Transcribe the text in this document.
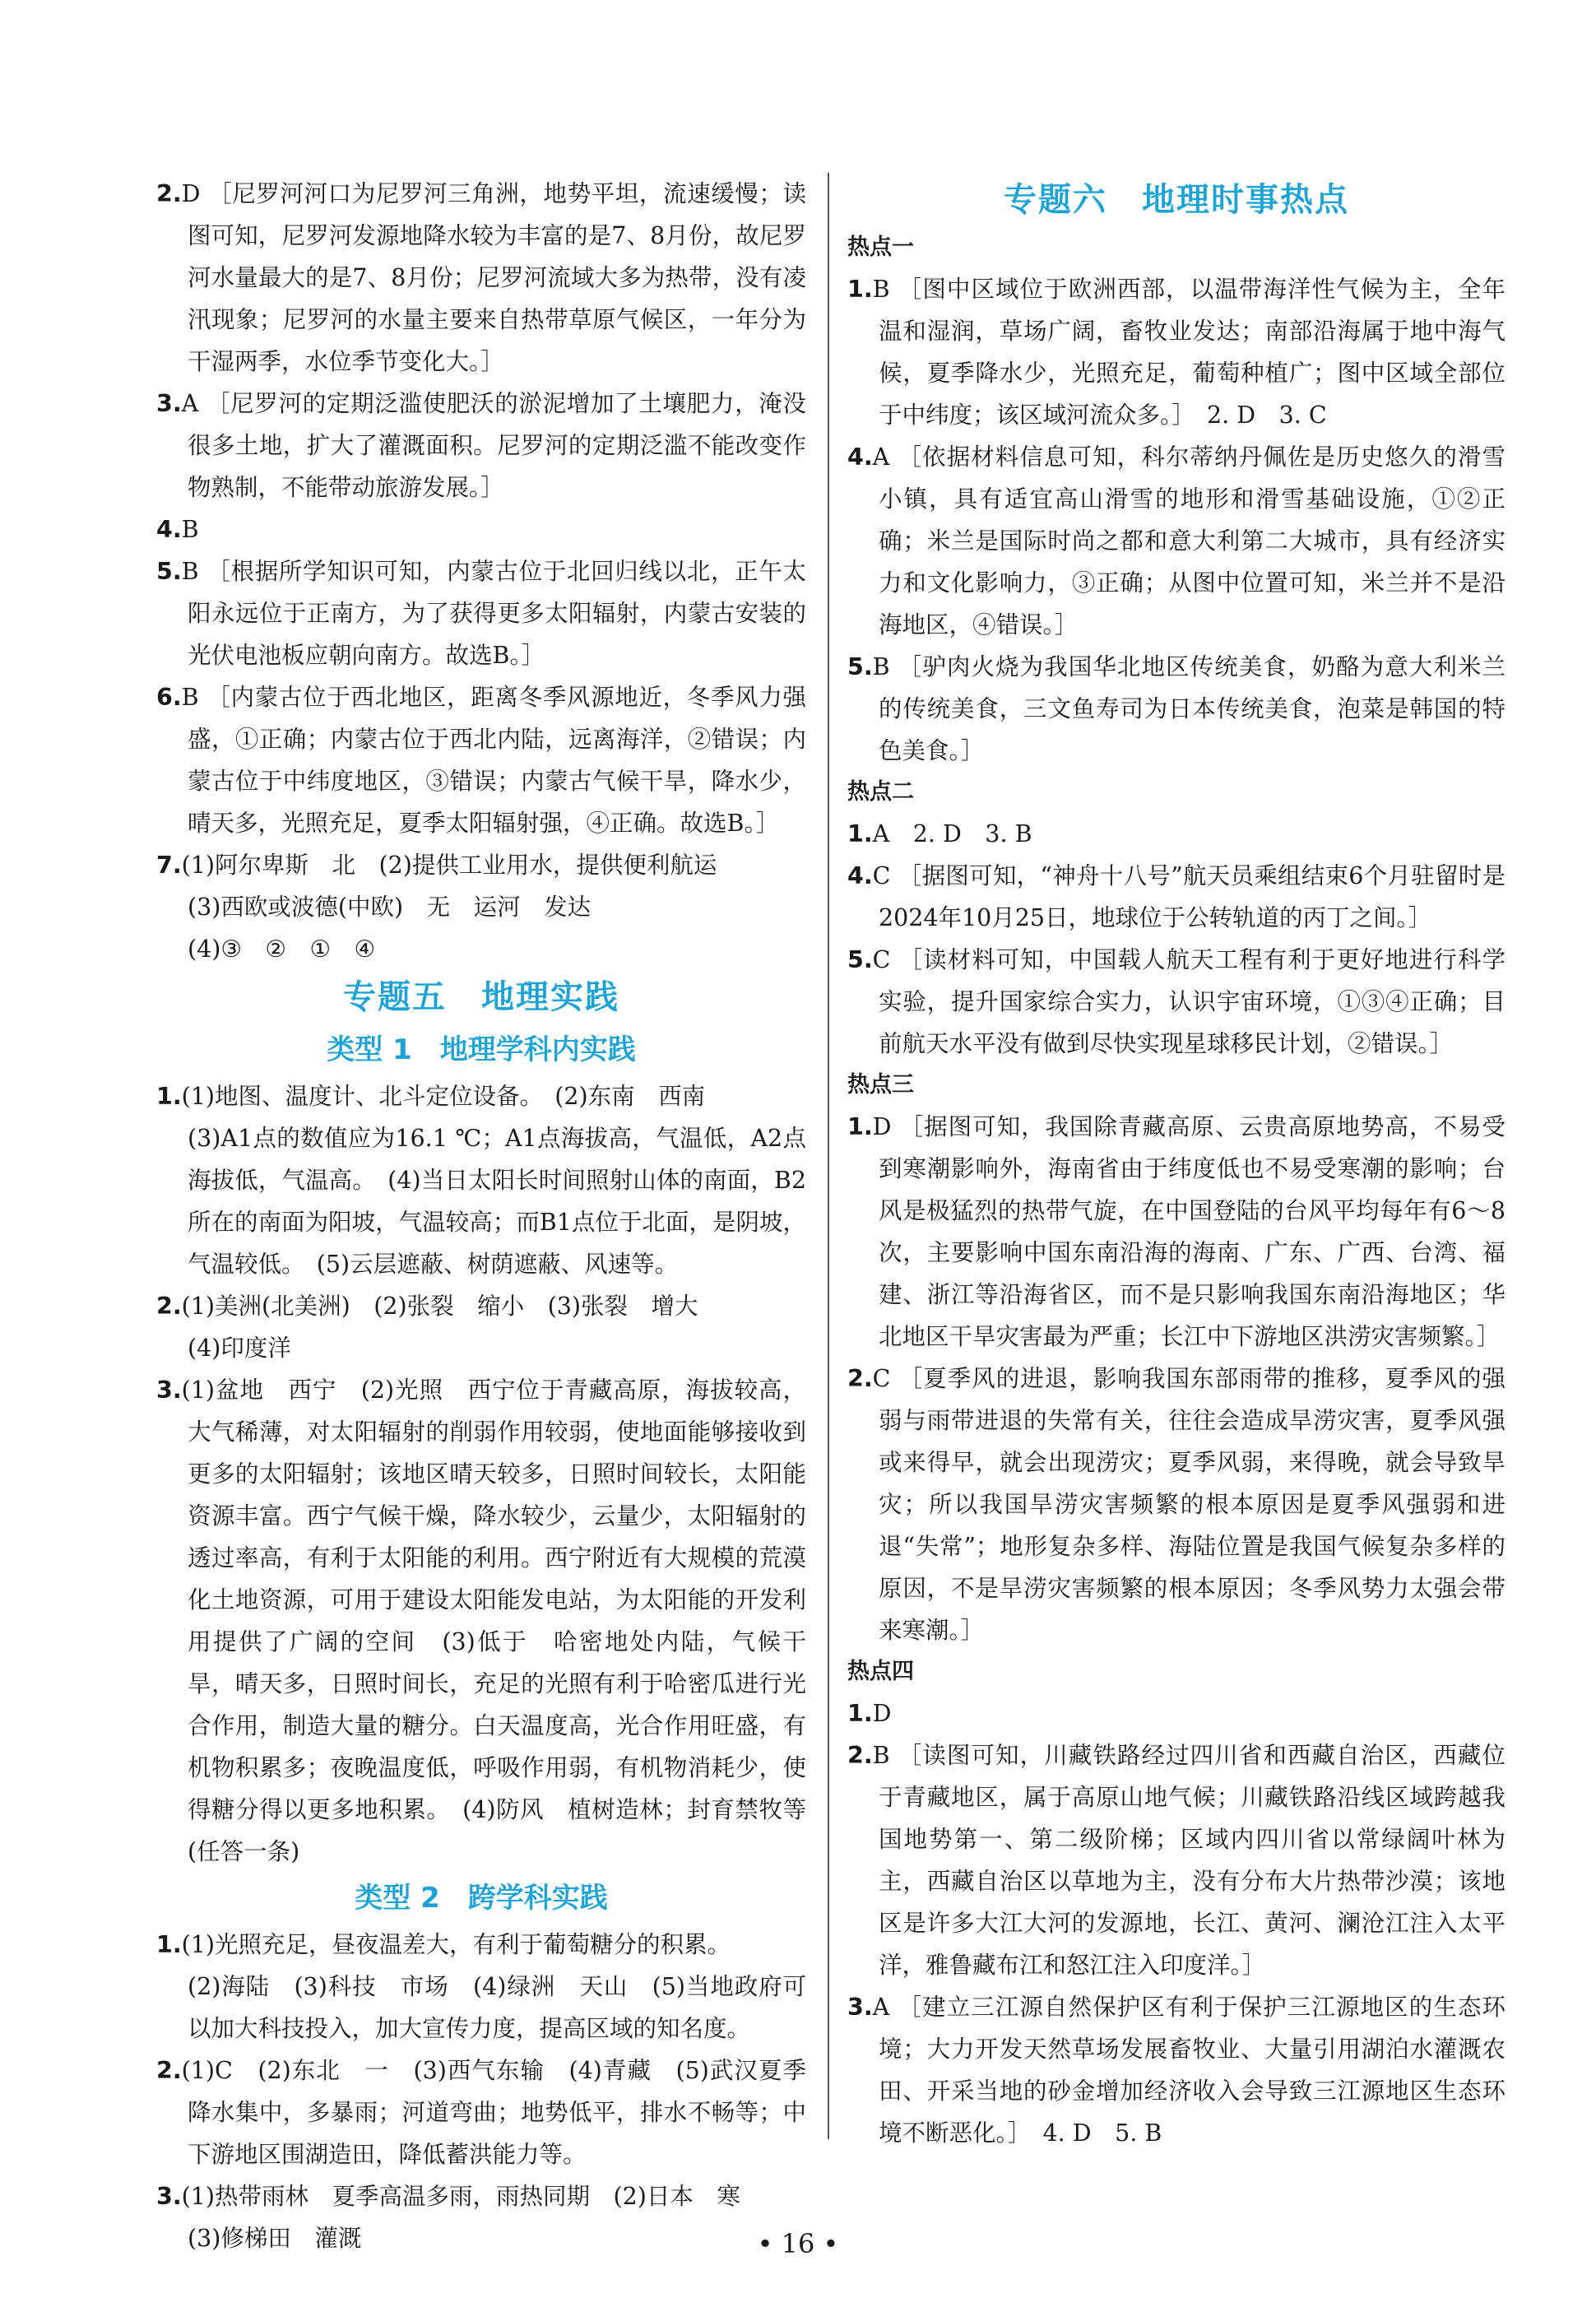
2.D ［尼罗河河口为尼罗河三角洲，地势平坦，流速缓慢；读图可知，尼罗河发源地降水较为丰富的是7、8月份，故尼罗河水量最大的是7、8月份；尼罗河流域大多为热带，没有凌汛现象；尼罗河的水量主要来自热带草原气候区，一年分为干湿两季，水位季节变化大。］

3.A ［尼罗河的定期泛滥使肥沃的淤泥增加了土壤肥力，淹没很多土地，扩大了灌溉面积。尼罗河的定期泛滥不能改变作物熟制，不能带动旅游发展。］

4.B

5.B ［根据所学知识可知，内蒙古位于北回归线以北，正午太阳永远位于正南方，为了获得更多太阳辐射，内蒙古安装的光伏电池板应朝向南方。故选B。］

6.B ［内蒙古位于西北地区，距离冬季风源地近，冬季风力强盛，①正确；内蒙古位于西北内陆，远离海洋，②错误；内蒙古位于中纬度地区，③错误；内蒙古气候干旱，降水少，晴天多，光照充足，夏季太阳辐射强，④正确。故选B。］

7.(1)阿尔卑斯　北　(2)提供工业用水，提供便利航运

(3)西欧或波德(中欧)　无　运河　发达

(4)③　②　①　④

专题五　地理实践

类型 1　地理学科内实践

1.(1)地图、温度计、北斗定位设备。　(2)东南　西南

(3)A1点的数值应为16.1 ℃；A1点海拔高，气温低，A2点海拔低，气温高。　(4)当日太阳长时间照射山体的南面，B2所在的南面为阳坡，气温较高；而B1点位于北面，是阴坡，气温较低。　(5)云层遮蔽、树荫遮蔽、风速等。

2.(1)美洲(北美洲)　(2)张裂　缩小　(3)张裂　增大

(4)印度洋

3.(1)盆地　西宁　(2)光照　西宁位于青藏高原，海拔较高，大气稀薄，对太阳辐射的削弱作用较弱，使地面能够接收到更多的太阳辐射；该地区晴天较多，日照时间较长，太阳能资源丰富。西宁气候干燥，降水较少，云量少，太阳辐射的透过率高，有利于太阳能的利用。西宁附近有大规模的荒漠化土地资源，可用于建设太阳能发电站，为太阳能的开发利用提供了广阔的空间　(3)低于　哈密地处内陆，气候干旱，晴天多，日照时间长，充足的光照有利于哈密瓜进行光合作用，制造大量的糖分。白天温度高，光合作用旺盛，有机物积累多；夜晚温度低，呼吸作用弱，有机物消耗少，使得糖分得以更多地积累。　(4)防风　植树造林；封育禁牧等(任答一条)

类型 2　跨学科实践

1.(1)光照充足，昼夜温差大，有利于葡萄糖分的积累。

(2)海陆　(3)科技　市场　(4)绿洲　天山　(5)当地政府可以加大科技投入，加大宣传力度，提高区域的知名度。

2.(1)C　(2)东北　一　(3)西气东输　(4)青藏　(5)武汉夏季降水集中，多暴雨；河道弯曲；地势低平，排水不畅等；中下游地区围湖造田，降低蓄洪能力等。

3.(1)热带雨林　夏季高温多雨，雨热同期　(2)日本　寒

(3)修梯田　灌溉

专题六　地理时事热点

热点一

1.B ［图中区域位于欧洲西部，以温带海洋性气候为主，全年温和湿润，草场广阔，畜牧业发达；南部沿海属于地中海气候，夏季降水少，光照充足，葡萄种植广；图中区域全部位于中纬度；该区域河流众多。］　2. D　3. C

4.A ［依据材料信息可知，科尔蒂纳丹佩佐是历史悠久的滑雪小镇，具有适宜高山滑雪的地形和滑雪基础设施，①②正确；米兰是国际时尚之都和意大利第二大城市，具有经济实力和文化影响力，③正确；从图中位置可知，米兰并不是沿海地区，④错误。］

5.B ［驴肉火烧为我国华北地区传统美食，奶酪为意大利米兰的传统美食，三文鱼寿司为日本传统美食，泡菜是韩国的特色美食。］

热点二

1.A　2. D　3. B

4.C ［据图可知，“神舟十八号”航天员乘组结束6个月驻留时是2024年10月25日，地球位于公转轨道的丙丁之间。］

5.C ［读材料可知，中国载人航天工程有利于更好地进行科学实验，提升国家综合实力，认识宇宙环境，①③④正确；目前航天水平没有做到尽快实现星球移民计划，②错误。］

热点三

1.D ［据图可知，我国除青藏高原、云贵高原地势高，不易受到寒潮影响外，海南省由于纬度低也不易受寒潮的影响；台风是极猛烈的热带气旋，在中国登陆的台风平均每年有6～8次，主要影响中国东南沿海的海南、广东、广西、台湾、福建、浙江等沿海省区，而不是只影响我国东南沿海地区；华北地区干旱灾害最为严重；长江中下游地区洪涝灾害频繁。］

2.C ［夏季风的进退，影响我国东部雨带的推移，夏季风的强弱与雨带进退的失常有关，往往会造成旱涝灾害，夏季风强或来得早，就会出现涝灾；夏季风弱，来得晚，就会导致旱灾；所以我国旱涝灾害频繁的根本原因是夏季风强弱和进退“失常”；地形复杂多样、海陆位置是我国气候复杂多样的原因，不是旱涝灾害频繁的根本原因；冬季风势力太强会带来寒潮。］

热点四

1.D

2.B ［读图可知，川藏铁路经过四川省和西藏自治区，西藏位于青藏地区，属于高原山地气候；川藏铁路沿线区域跨越我国地势第一、第二级阶梯；区域内四川省以常绿阔叶林为主，西藏自治区以草地为主，没有分布大片热带沙漠；该地区是许多大江大河的发源地，长江、黄河、澜沧江注入太平洋，雅鲁藏布江和怒江注入印度洋。］

3.A ［建立三江源自然保护区有利于保护三江源地区的生态环境；大力开发天然草场发展畜牧业、大量引用湖泊水灌溉农田、开采当地的砂金增加经济收入会导致三江源地区生态环境不断恶化。］　4. D　5. B

• 16 •
